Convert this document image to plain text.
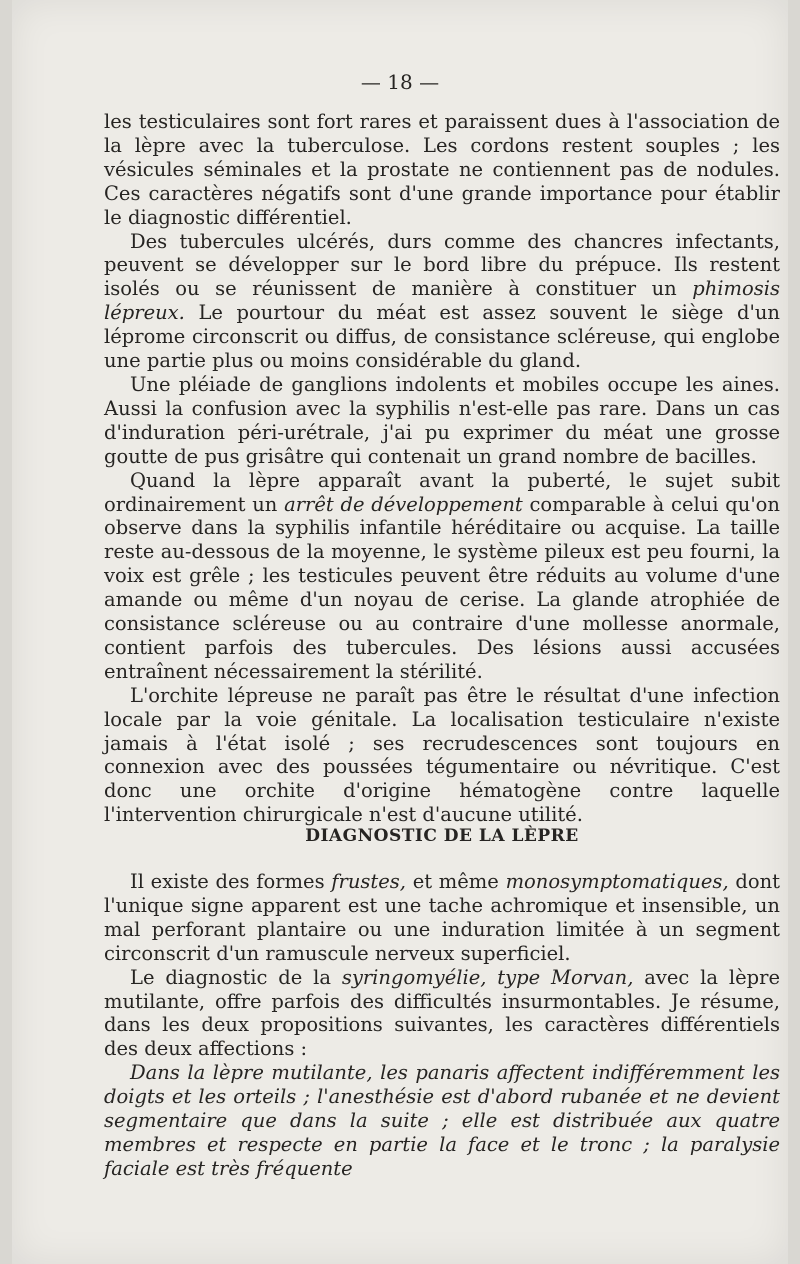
— 18 —

les testiculaires sont fort rares et paraissent dues à l'association de la lèpre avec la tuberculose. Les cordons restent souples ; les vésicules séminales et la prostate ne contiennent pas de nodules. Ces caractères négatifs sont d'une grande importance pour établir le diagnostic différentiel.

Des tubercules ulcérés, durs comme des chancres infectants, peuvent se développer sur le bord libre du prépuce. Ils restent isolés ou se réunissent de manière à constituer un phimosis lépreux. Le pourtour du méat est assez souvent le siège d'un léprome circonscrit ou diffus, de consistance scléreuse, qui englobe une partie plus ou moins considérable du gland.

Une pléiade de ganglions indolents et mobiles occupe les aines. Aussi la confusion avec la syphilis n'est-elle pas rare. Dans un cas d'induration péri-urétrale, j'ai pu exprimer du méat une grosse goutte de pus grisâtre qui contenait un grand nombre de bacilles.

Quand la lèpre apparaît avant la puberté, le sujet subit ordinairement un arrêt de développement comparable à celui qu'on observe dans la syphilis infantile héréditaire ou acquise. La taille reste au-dessous de la moyenne, le système pileux est peu fourni, la voix est grêle ; les testicules peuvent être réduits au volume d'une amande ou même d'un noyau de cerise. La glande atrophiée de consistance scléreuse ou au contraire d'une mollesse anormale, contient parfois des tubercules. Des lésions aussi accusées entraînent nécessairement la stérilité.

L'orchite lépreuse ne paraît pas être le résultat d'une infection locale par la voie génitale. La localisation testiculaire n'existe jamais à l'état isolé ; ses recrudescences sont toujours en connexion avec des poussées tégumentaire ou névritique. C'est donc une orchite d'origine hématogène contre laquelle l'intervention chirurgicale n'est d'aucune utilité.

DIAGNOSTIC DE LA LÈPRE

Il existe des formes frustes, et même monosymptomatiques, dont l'unique signe apparent est une tache achromique et insensible, un mal perforant plantaire ou une induration limitée à un segment circonscrit d'un ramuscule nerveux superficiel.

Le diagnostic de la syringomyélie, type Morvan, avec la lèpre mutilante, offre parfois des difficultés insurmontables. Je résume, dans les deux propositions suivantes, les caractères différentiels des deux affections :

Dans la lèpre mutilante, les panaris affectent indifféremment les doigts et les orteils ; l'anesthésie est d'abord rubanée et ne devient segmentaire que dans la suite ; elle est distribuée aux quatre membres et respecte en partie la face et le tronc ; la paralysie faciale est très fréquente
